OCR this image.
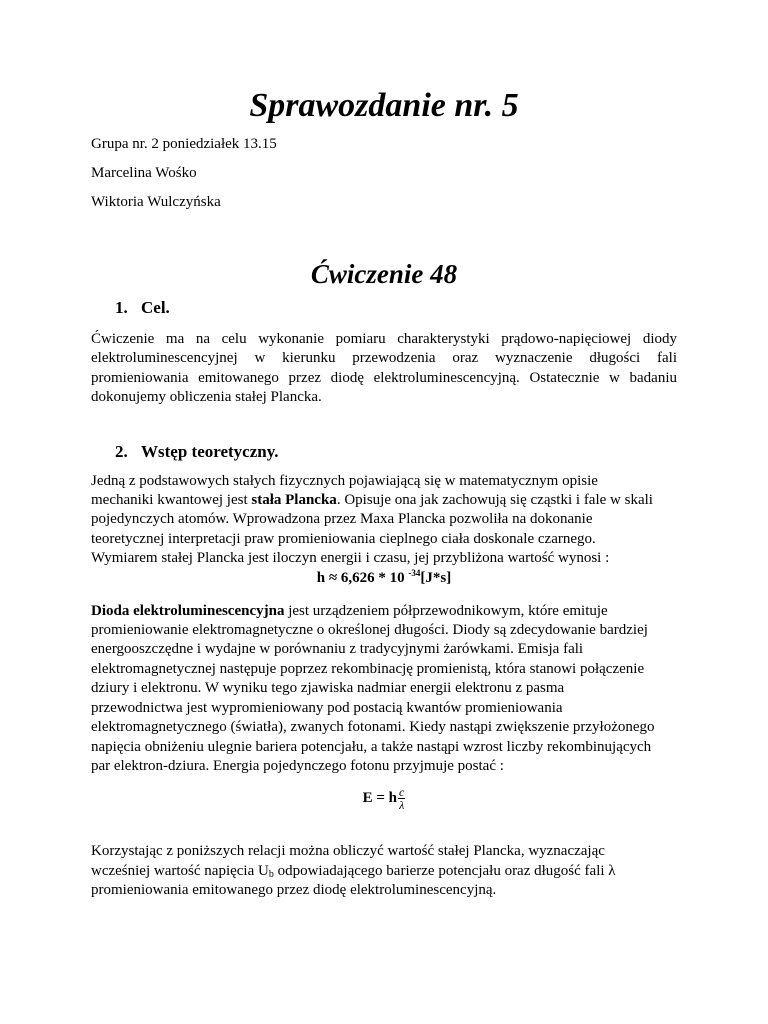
Sprawozdanie nr. 5
Grupa nr. 2 poniedziałek 13.15
Marcelina Wośko
Wiktoria Wulczyńska
Ćwiczenie 48
1. Cel.
Ćwiczenie ma na celu wykonanie pomiaru charakterystyki prądowo-napięciowej diody elektroluminescencyjnej w kierunku przewodzenia oraz wyznaczenie długości fali promieniowania emitowanego przez diodę elektroluminescencyjną. Ostatecznie w badaniu dokonujemy obliczenia stałej Plancka.
2. Wstęp teoretyczny.
Jedną z podstawowych stałych fizycznych pojawiającą się w matematycznym opisie
mechaniki kwantowej jest stała Plancka. Opisuje ona jak zachowują się cząstki i fale w skali
pojedynczych atomów. Wprowadzona przez Maxa Plancka pozwoliła na dokonanie
teoretycznej interpretacji praw promieniowania cieplnego ciała doskonale czarnego.
Wymiarem stałej Plancka jest iloczyn energii i czasu, jej przybliżona wartość wynosi :
h ≈ 6,626 * 10 $^{-34}$[J*s]
Dioda elektroluminescencyjna jest urządzeniem półprzewodnikowym, które emituje
promieniowanie elektromagnetyczne o określonej długości. Diody są zdecydowanie bardziej
energooszczędne i wydajne w porównaniu z tradycyjnymi żarówkami. Emisja fali
elektromagnetycznej następuje poprzez rekombinację promienistą, która stanowi połączenie
dziury i elektronu. W wyniku tego zjawiska nadmiar energii elektronu z pasma
przewodnictwa jest wypromieniowany pod postacią kwantów promieniowania
elektromagnetycznego (światła), zwanych fotonami. Kiedy nastąpi zwiększenie przyłożonego
napięcia obniżeniu ulegnie bariera potencjału, a także nastąpi wzrost liczby rekombinujących
par elektron-dziura. Energia pojedynczego fotonu przyjmuje postać :
E = h $\frac{c}{\lambda}$
Korzystając z poniższych relacji można obliczyć wartość stałej Plancka, wyznaczając
wcześniej wartość napięcia $U_b$ odpowiadającego barierze potencjału oraz długość fali λ
promieniowania emitowanego przez diodę elektroluminescencyjną.
